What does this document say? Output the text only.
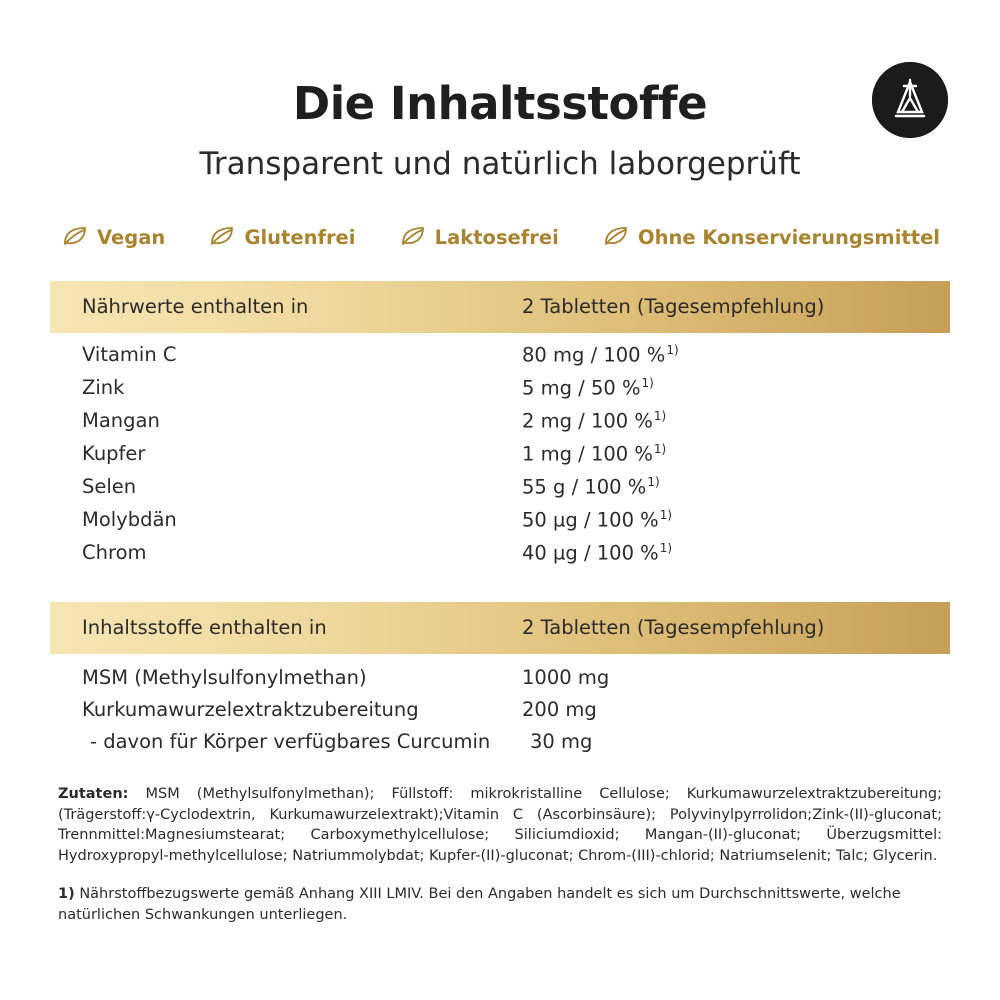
Die Inhaltsstoffe
Transparent und natürlich laborgeprüft
Vegan	Glutenfrei	Laktosefrei	Ohne Konservierungsmittel
Nährwerte enthalten in	2 Tabletten (Tagesempfehlung)
Vitamin C	80 mg / 100 %$^{1)}$
Zink	5 mg / 50 %$^{1)}$
Mangan	2 mg / 100 %$^{1)}$
Kupfer	1 mg / 100 %$^{1)}$
Selen	55 g / 100 %$^{1)}$
Molybdän	50 µg / 100 %$^{1)}$
Chrom	40 µg / 100 %$^{1)}$
Inhaltsstoffe enthalten in	2 Tabletten (Tagesempfehlung)
MSM (Methylsulfonylmethan)	1000 mg
Kurkumawurzelextraktzubereitung	200 mg
- davon für Körper verfügbares Curcumin	30 mg
Zutaten: MSM (Methylsulfonylmethan); Füllstoff: mikrokristalline Cellulose; Kurkumawurzelextraktzubereitung; (Trägerstoff:γ-Cyclodextrin, Kurkumawurzelextrakt);Vitamin C (Ascorbinsäure); Polyvinylpyrrolidon;Zink-(II)-gluconat; Trennmittel:Magnesiumstearat; Carboxymethylcellulose; Siliciumdioxid; Mangan-(II)-gluconat; Überzugsmittel: Hydroxypropyl-methylcellulose; Natriummolybdat; Kupfer-(II)-gluconat; Chrom-(III)-chlorid; Natriumselenit; Talc; Glycerin.
1) Nährstoffbezugswerte gemäß Anhang XIII LMIV. Bei den Angaben handelt es sich um Durchschnittswerte, welche natürlichen Schwankungen unterliegen.
